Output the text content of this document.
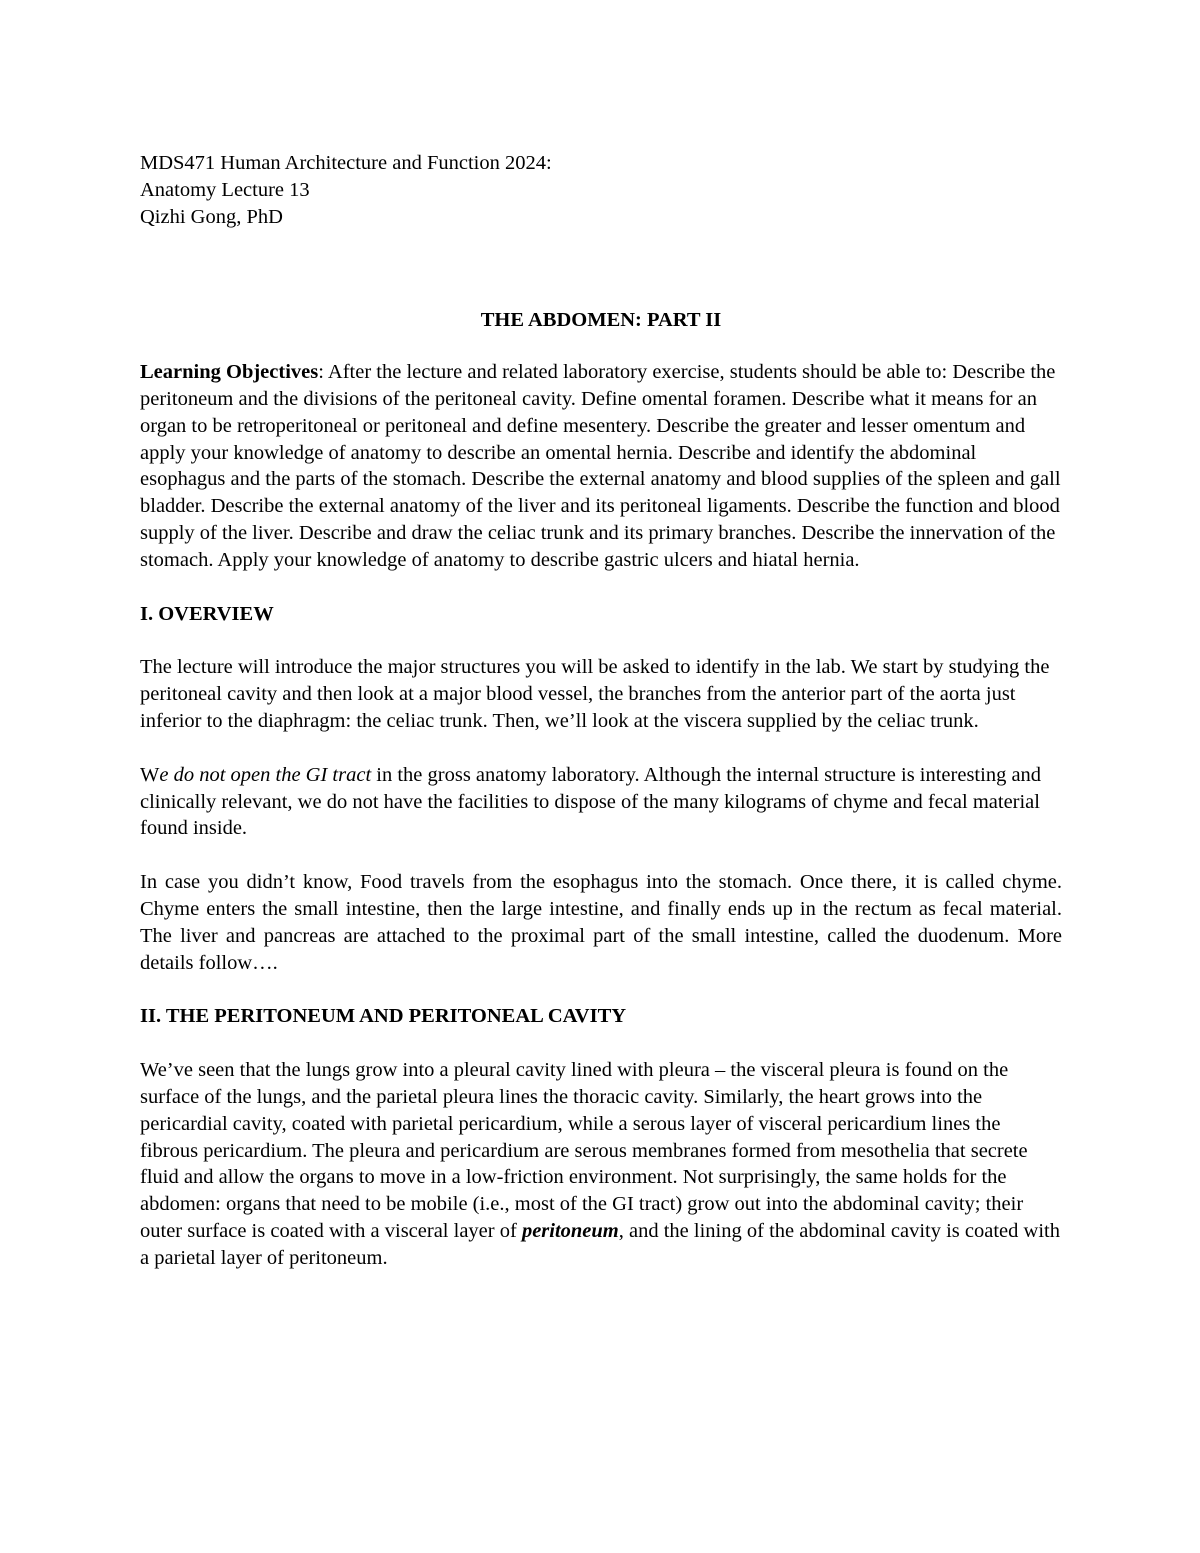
MDS471 Human Architecture and Function 2024:

Anatomy Lecture 13

Qizhi Gong, PhD

THE ABDOMEN: PART II

Learning Objectives: After the lecture and related laboratory exercise, students should be able to: Describe the peritoneum and the divisions of the peritoneal cavity. Define omental foramen. Describe what it means for an organ to be retroperitoneal or peritoneal and define mesentery. Describe the greater and lesser omentum and apply your knowledge of anatomy to describe an omental hernia. Describe and identify the abdominal esophagus and the parts of the stomach. Describe the external anatomy and blood supplies of the spleen and gall bladder. Describe the external anatomy of the liver and its peritoneal ligaments. Describe the function and blood supply of the liver. Describe and draw the celiac trunk and its primary branches. Describe the innervation of the stomach. Apply your knowledge of anatomy to describe gastric ulcers and hiatal hernia.

I. OVERVIEW

The lecture will introduce the major structures you will be asked to identify in the lab. We start by studying the peritoneal cavity and then look at a major blood vessel, the branches from the anterior part of the aorta just inferior to the diaphragm: the celiac trunk. Then, we’ll look at the viscera supplied by the celiac trunk.

We do not open the GI tract in the gross anatomy laboratory. Although the internal structure is interesting and clinically relevant, we do not have the facilities to dispose of the many kilograms of chyme and fecal material found inside.

In case you didn’t know, Food travels from the esophagus into the stomach. Once there, it is called chyme. Chyme enters the small intestine, then the large intestine, and finally ends up in the rectum as fecal material. The liver and pancreas are attached to the proximal part of the small intestine, called the duodenum. More details follow….

II. THE PERITONEUM AND PERITONEAL CAVITY

We’ve seen that the lungs grow into a pleural cavity lined with pleura – the visceral pleura is found on the surface of the lungs, and the parietal pleura lines the thoracic cavity. Similarly, the heart grows into the pericardial cavity, coated with parietal pericardium, while a serous layer of visceral pericardium lines the fibrous pericardium. The pleura and pericardium are serous membranes formed from mesothelia that secrete fluid and allow the organs to move in a low-friction environment. Not surprisingly, the same holds for the abdomen: organs that need to be mobile (i.e., most of the GI tract) grow out into the abdominal cavity; their outer surface is coated with a visceral layer of peritoneum, and the lining of the abdominal cavity is coated with a parietal layer of peritoneum.
